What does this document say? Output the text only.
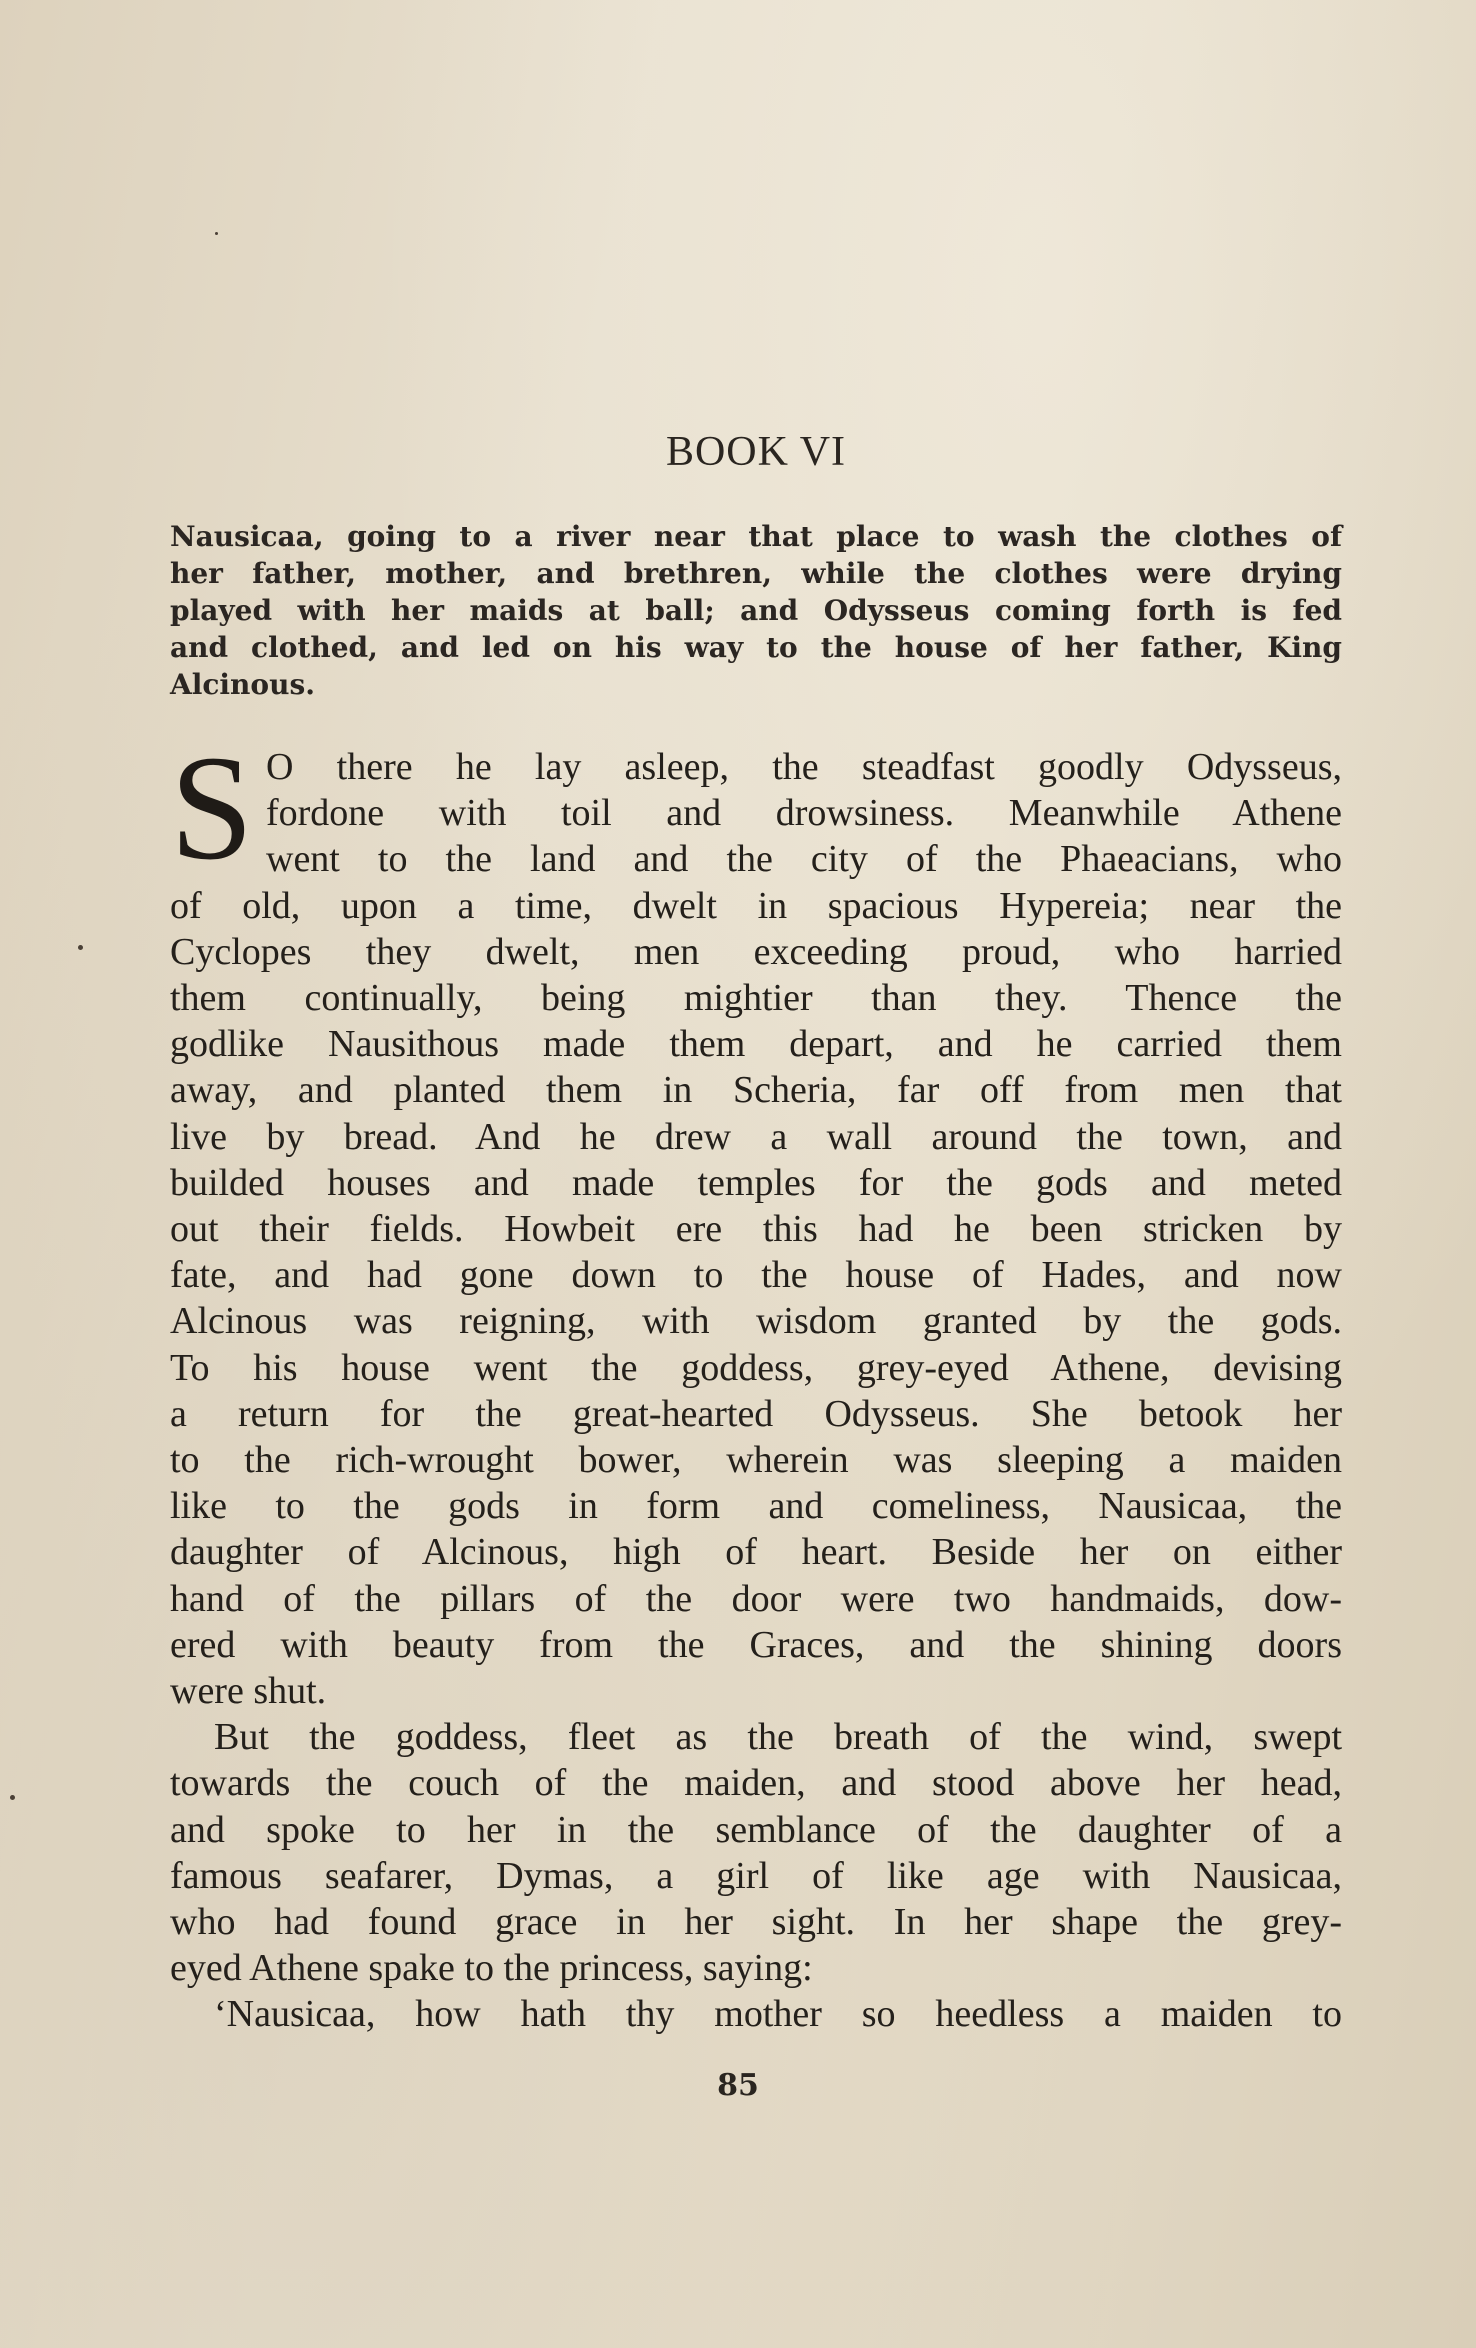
BOOK VI
Nausicaa, going to a river near that place to wash the clothes of
her father, mother, and brethren, while the clothes were drying
played with her maids at ball; and Odysseus coming forth is fed
and clothed, and led on his way to the house of her father, King
Alcinous.
S O there he lay asleep, the steadfast goodly Odysseus,
fordone with toil and drowsiness. Meanwhile Athene
went to the land and the city of the Phaeacians, who
of old, upon a time, dwelt in spacious Hypereia; near the
Cyclopes they dwelt, men exceeding proud, who harried
them continually, being mightier than they. Thence the
godlike Nausithous made them depart, and he carried them
away, and planted them in Scheria, far off from men that
live by bread. And he drew a wall around the town, and
builded houses and made temples for the gods and meted
out their fields. Howbeit ere this had he been stricken by
fate, and had gone down to the house of Hades, and now
Alcinous was reigning, with wisdom granted by the gods.
To his house went the goddess, grey-eyed Athene, devising
a return for the great-hearted Odysseus. She betook her
to the rich-wrought bower, wherein was sleeping a maiden
like to the gods in form and comeliness, Nausicaa, the
daughter of Alcinous, high of heart. Beside her on either
hand of the pillars of the door were two handmaids, dow-
ered with beauty from the Graces, and the shining doors
were shut.
But the goddess, fleet as the breath of the wind, swept
towards the couch of the maiden, and stood above her head,
and spoke to her in the semblance of the daughter of a
famous seafarer, Dymas, a girl of like age with Nausicaa,
who had found grace in her sight. In her shape the grey-
eyed Athene spake to the princess, saying:
‘Nausicaa, how hath thy mother so heedless a maiden to
85
